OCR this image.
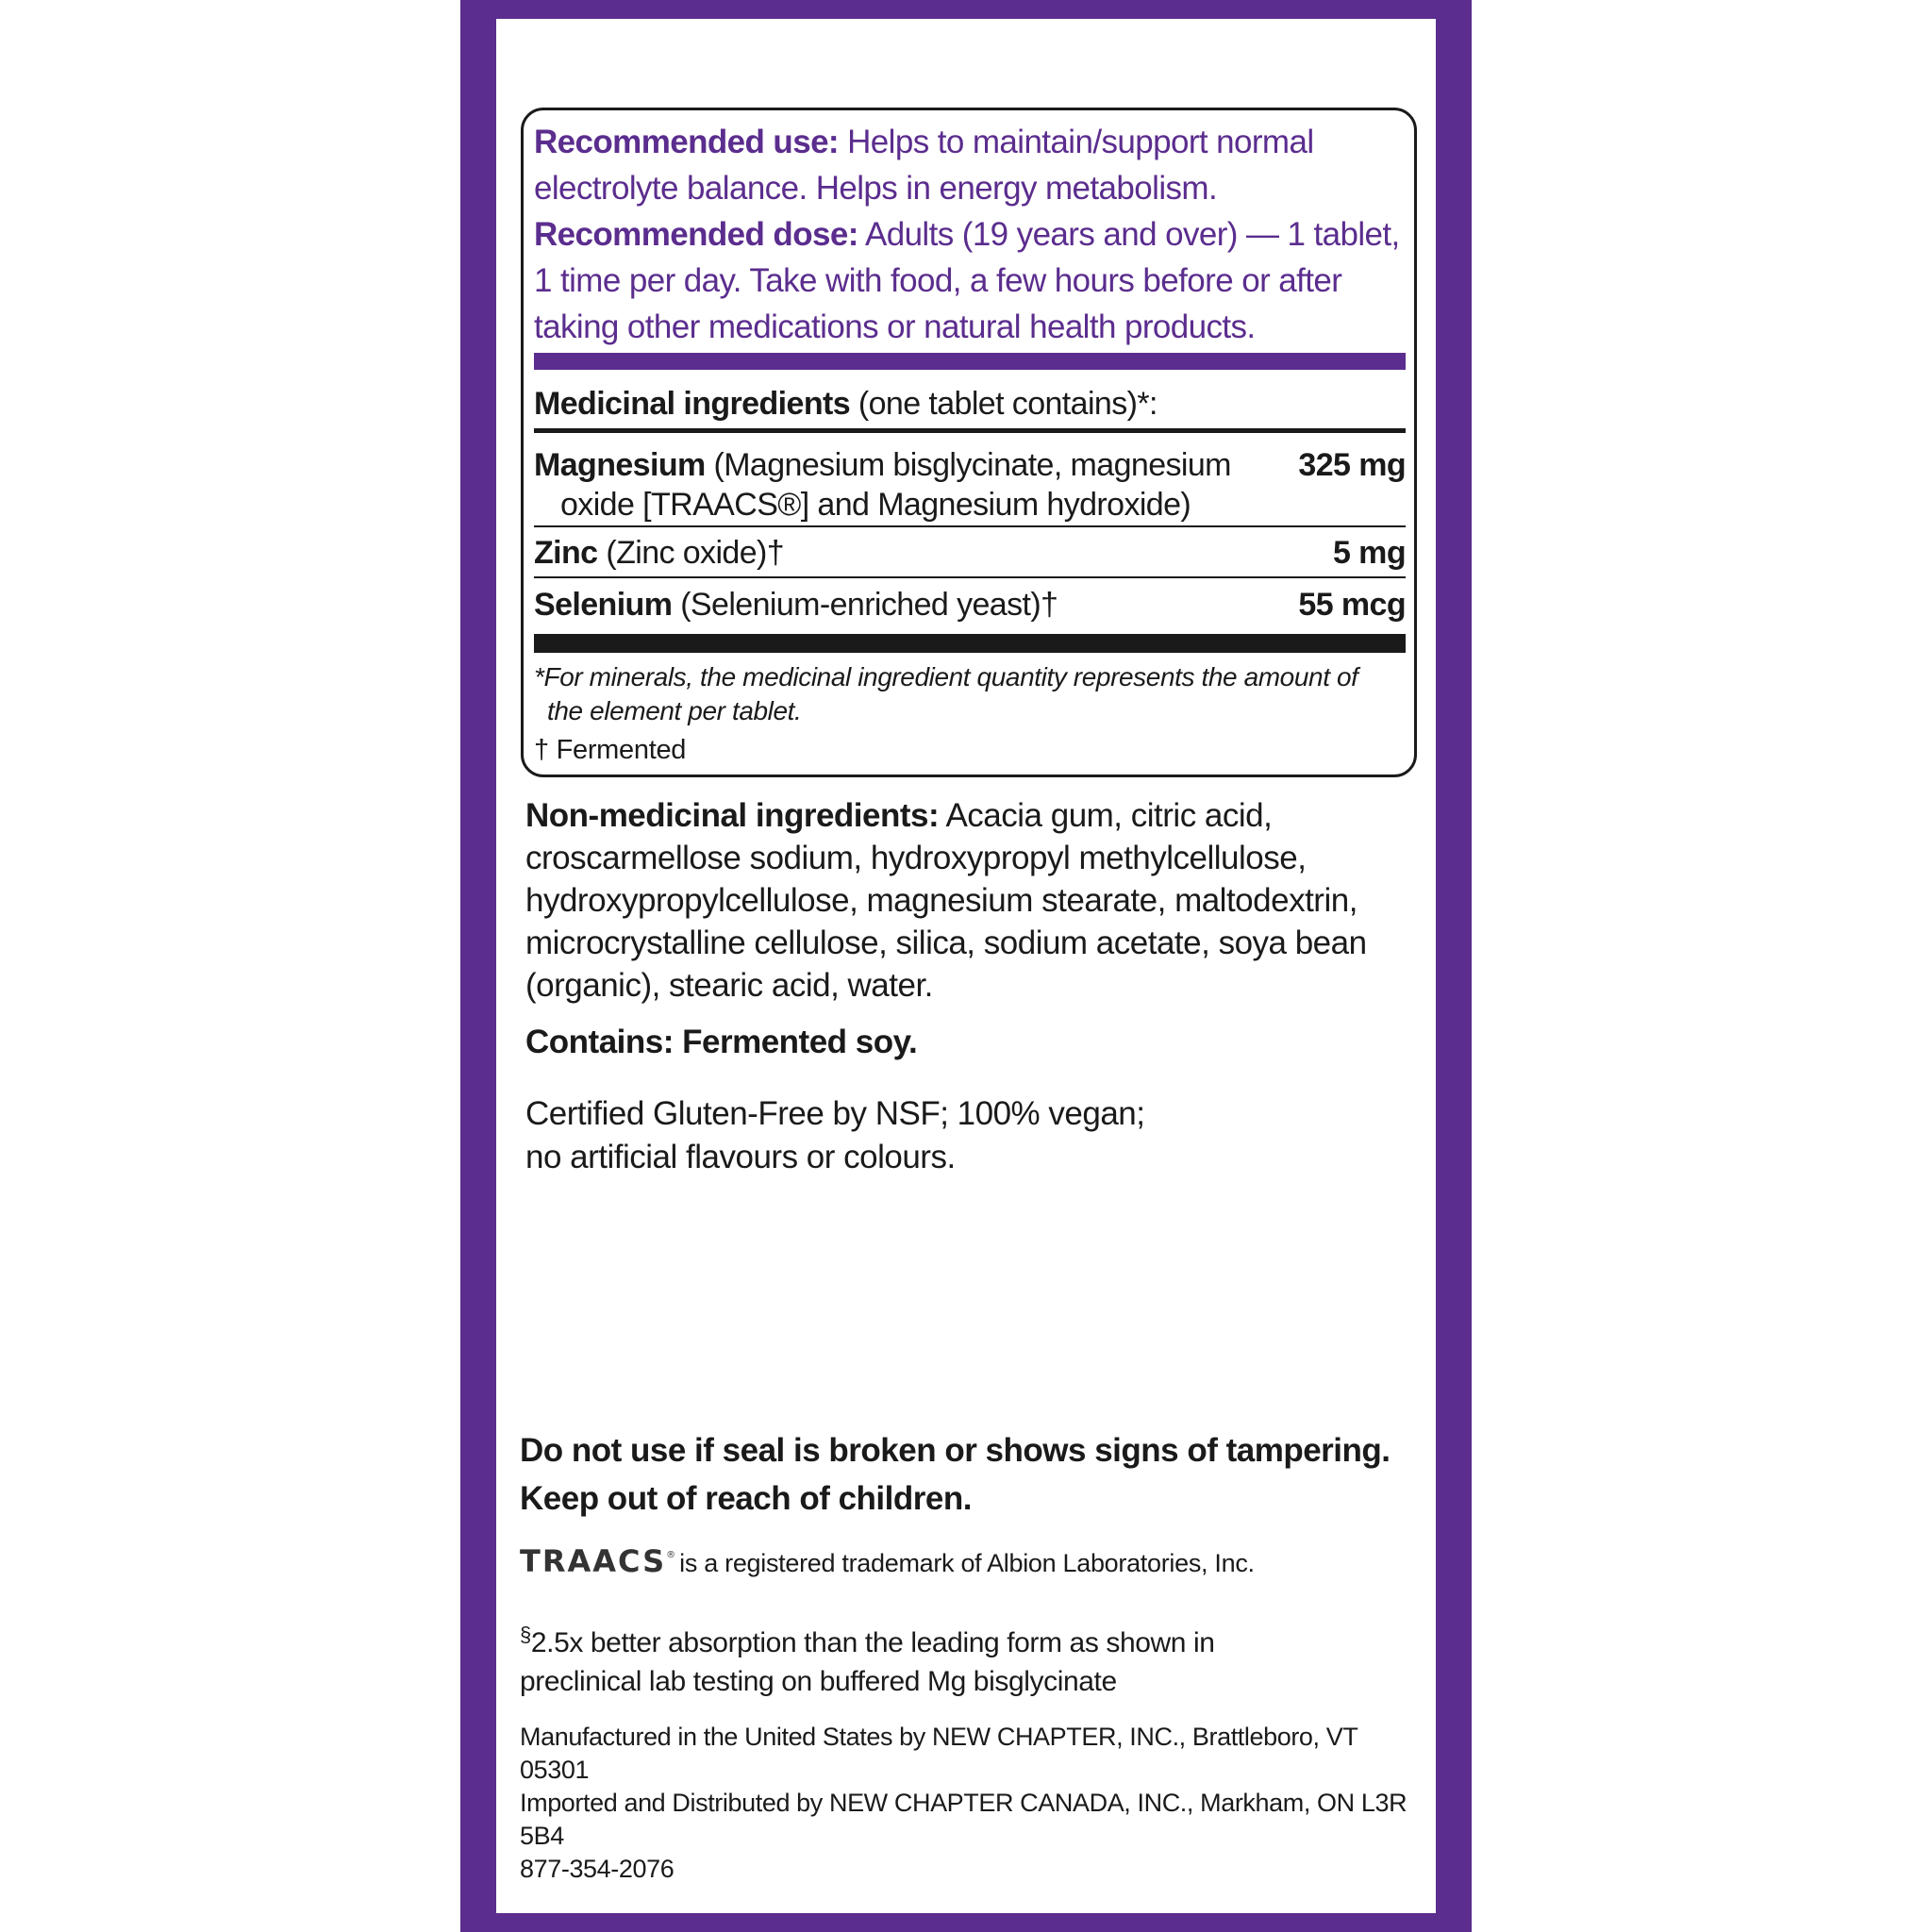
Recommended use: Helps to maintain/support normal electrolyte balance. Helps in energy metabolism.

Recommended dose: Adults (19 years and over) — 1 tablet, 1 time per day. Take with food, a few hours before or after taking other medications or natural health products.

Medicinal ingredients (one tablet contains)*:
Magnesium (Magnesium bisglycinate, magnesium
oxide [TRAACS®] and Magnesium hydroxide)
325 mg
Zinc (Zinc oxide)†	5 mg
Selenium (Selenium-enriched yeast)†	55 mcg
*For minerals, the medicinal ingredient quantity represents the amount of
the element per tablet.
† Fermented
Non-medicinal ingredients: Acacia gum, citric acid, croscarmellose sodium, hydroxypropyl methylcellulose, hydroxypropylcellulose, magnesium stearate, maltodextrin, microcrystalline cellulose, silica, sodium acetate, soya bean (organic), stearic acid, water.
Contains: Fermented soy.
Certified Gluten-Free by NSF; 100% vegan;
no artificial flavours or colours.
Do not use if seal is broken or shows signs of tampering.
Keep out of reach of children.
TRAACS ® is a registered trademark of Albion Laboratories, Inc.
§2.5x better absorption than the leading form as shown in
preclinical lab testing on buffered Mg bisglycinate
Manufactured in the United States by NEW CHAPTER, INC., Brattleboro, VT 05301
Imported and Distributed by NEW CHAPTER CANADA, INC., Markham, ON L3R 5B4
877-354-2076
